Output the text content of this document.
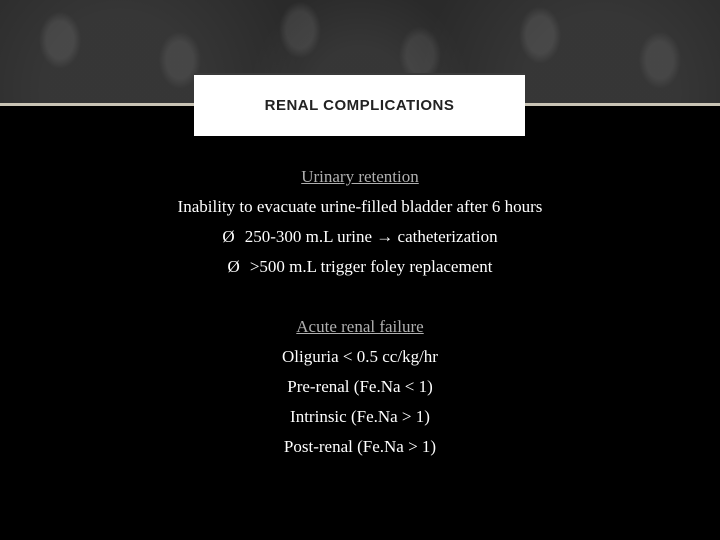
RENAL COMPLICATIONS
Urinary retention
Inability to evacuate urine-filled bladder after 6 hours
Ø 250-300 m.L urine → catheterization
Ø >500 m.L trigger foley replacement
Acute renal failure
Oliguria < 0.5 cc/kg/hr
Pre-renal (Fe.Na < 1)
Intrinsic (Fe.Na > 1)
Post-renal (Fe.Na > 1)
